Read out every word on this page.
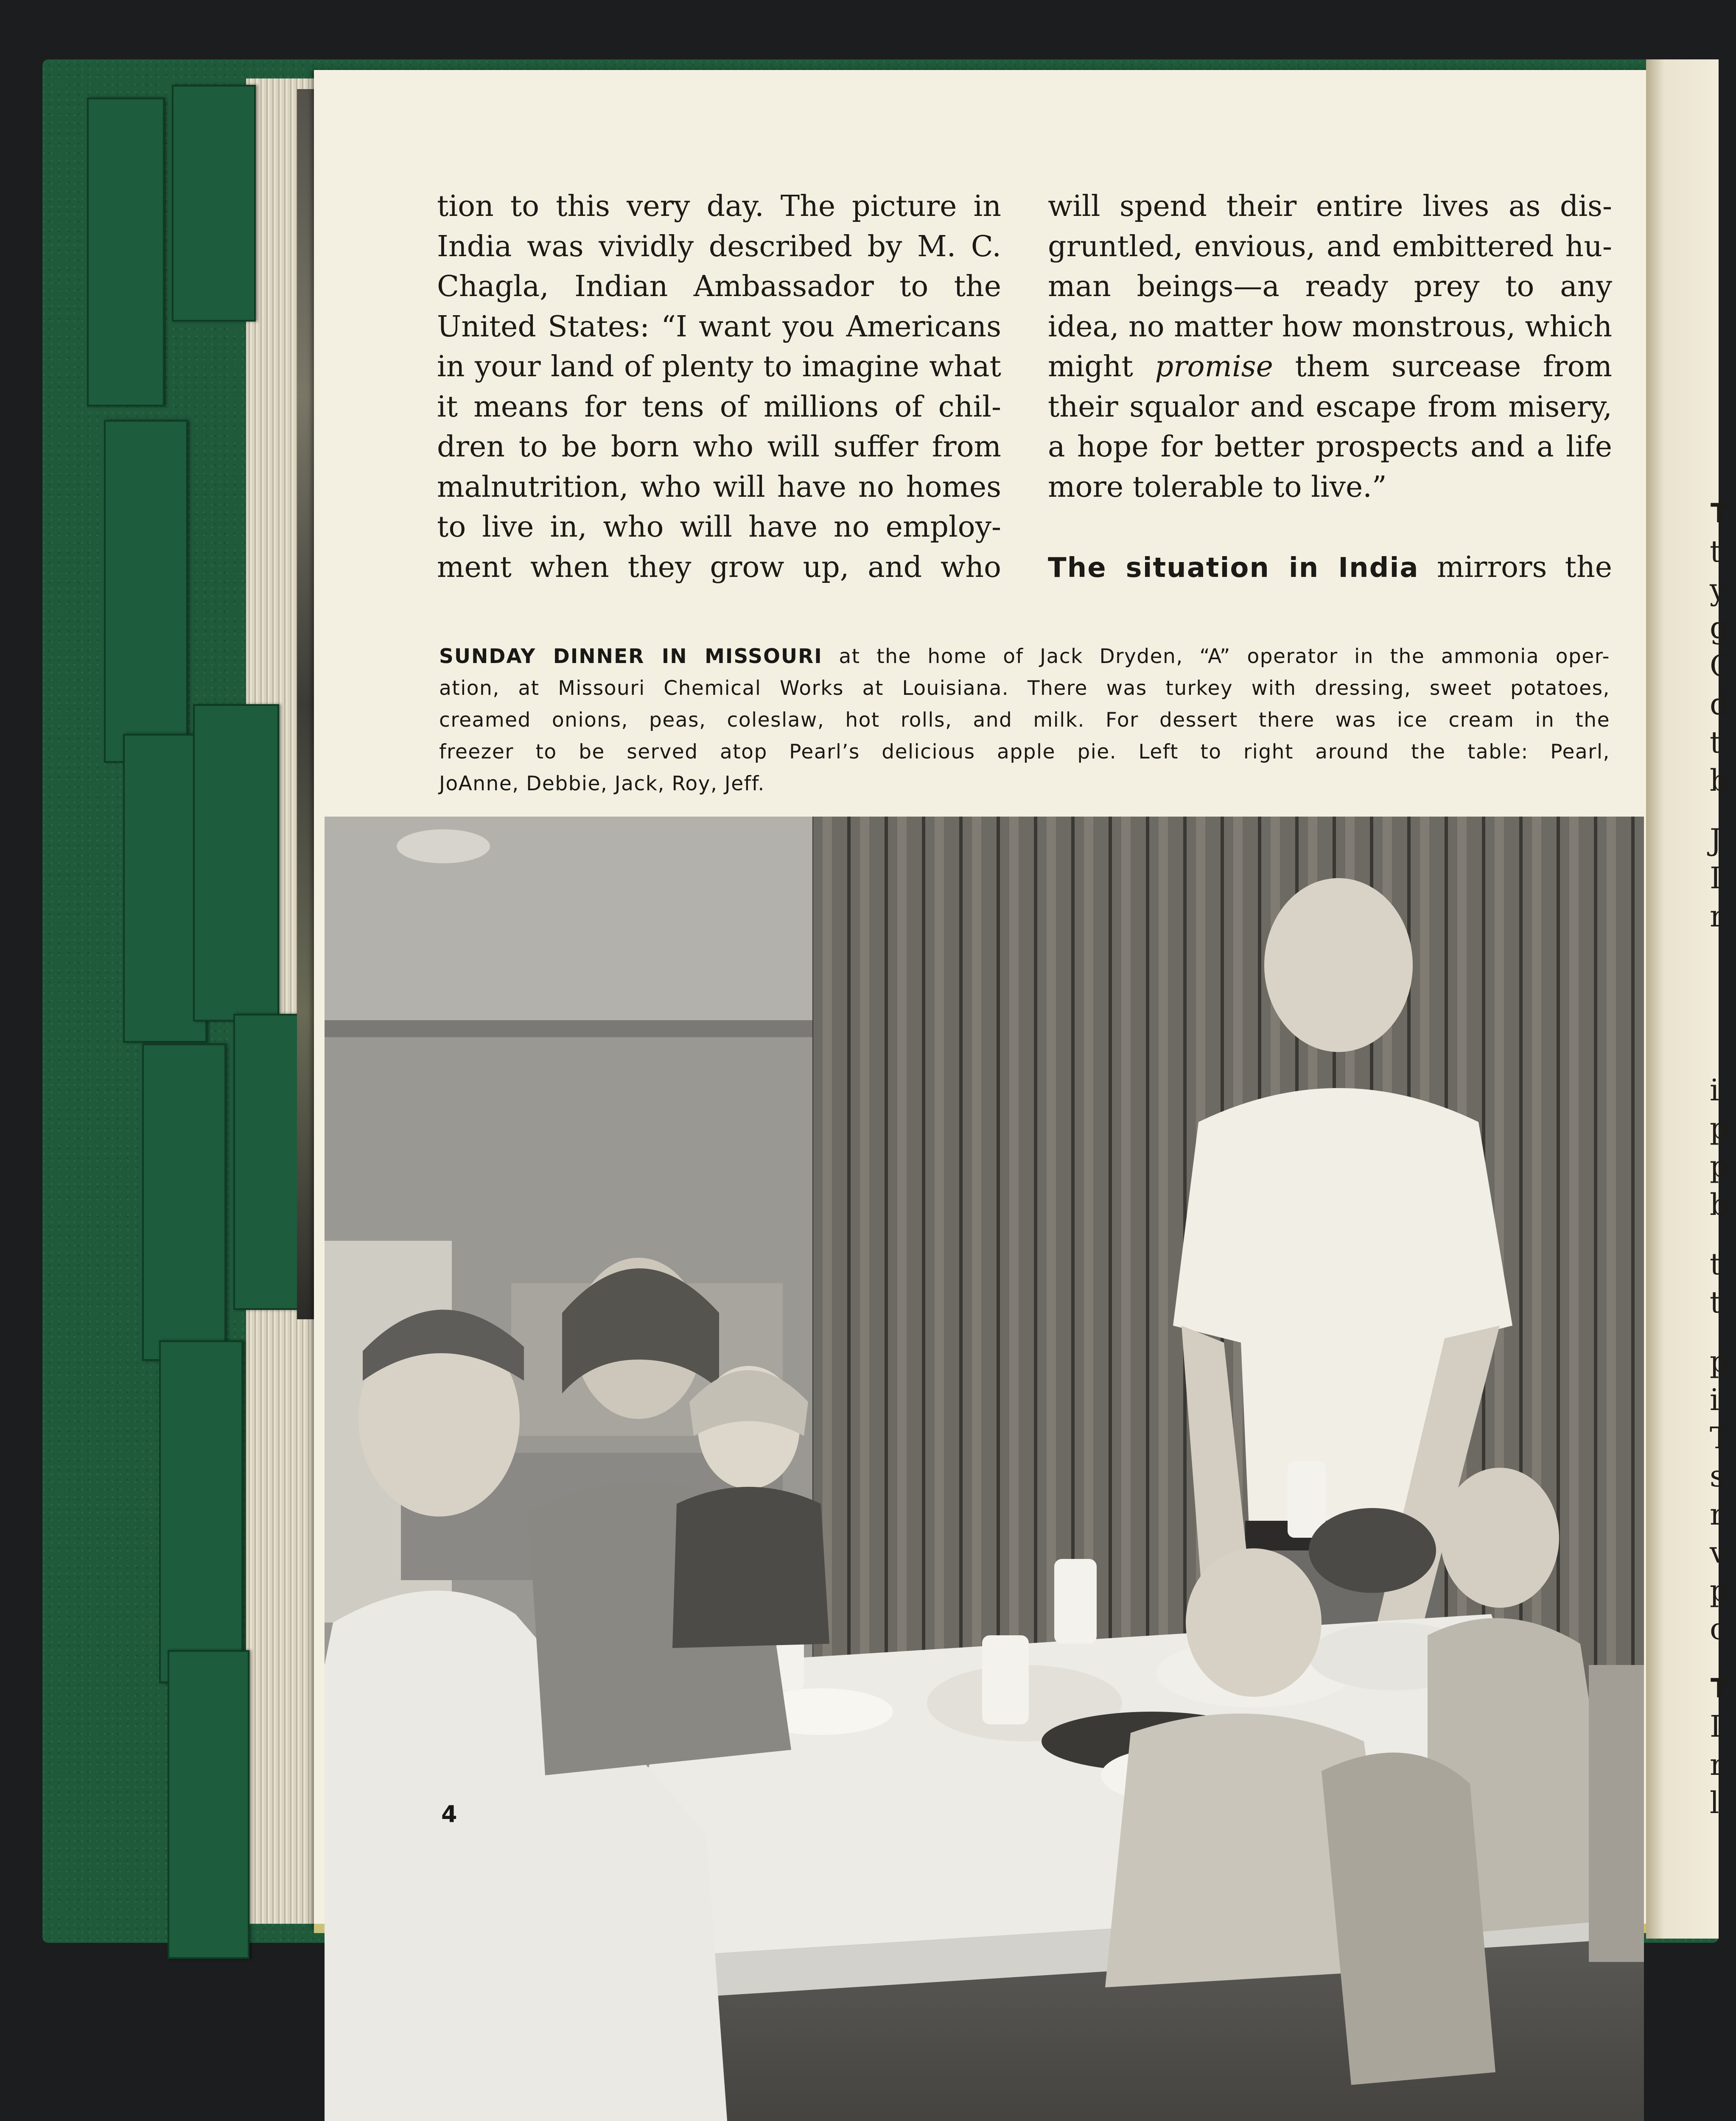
T
t
y
g
C
d
t
b
J
I
r
i
p
p
b
t
t
p
i
T
s
r
v
p
c
T
I
r
l
tion to this very day. The picture in
India was vividly described by M. C.
Chagla, Indian Ambassador to the
United States: “I want you Americans
in your land of plenty to imagine what
it means for tens of millions of chil-
dren to be born who will suffer from
malnutrition, who will have no homes
to live in, who will have no employ-
ment when they grow up, and who
will spend their entire lives as dis-
gruntled, envious, and embittered hu-
man beings—a ready prey to any
idea, no matter how monstrous, which
might promise them surcease from
their squalor and escape from misery,
a hope for better prospects and a life
more tolerable to live.”
The situation in India mirrors the
SUNDAY DINNER IN MISSOURI at the home of Jack Dryden, “A” operator in the ammonia oper-
ation, at Missouri Chemical Works at Louisiana. There was turkey with dressing, sweet potatoes,
creamed onions, peas, coleslaw, hot rolls, and milk. For dessert there was ice cream in the
freezer to be served atop Pearl’s delicious apple pie. Left to right around the table: Pearl,
JoAnne, Debbie, Jack, Roy, Jeff.
4
